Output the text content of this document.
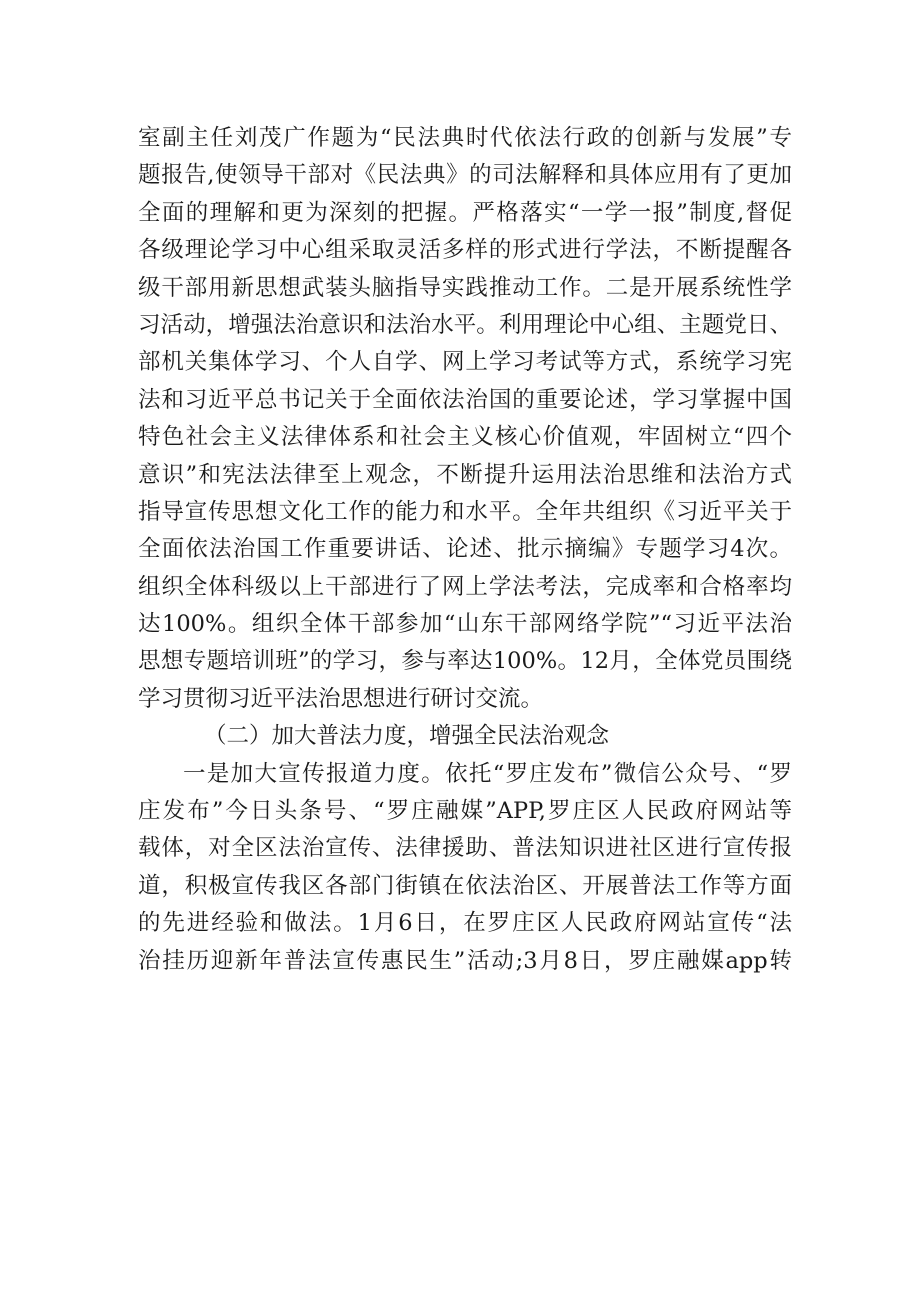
室副主任刘茂广作题为“民法典时代依法行政的创新与发展”专
题报告,使领导干部对《民法典》的司法解释和具体应用有了更加
全面的理解和更为深刻的把握。严格落实“一学一报”制度,督促
各级理论学习中心组采取灵活多样的形式进行学法，不断提醒各
级干部用新思想武装头脑指导实践推动工作。二是开展系统性学
习活动，增强法治意识和法治水平。利用理论中心组、主题党日、
部机关集体学习、个人自学、网上学习考试等方式，系统学习宪
法和习近平总书记关于全面依法治国的重要论述，学习掌握中国
特色社会主义法律体系和社会主义核心价值观，牢固树立“四个
意识”和宪法法律至上观念，不断提升运用法治思维和法治方式
指导宣传思想文化工作的能力和水平。全年共组织《习近平关于
全面依法治国工作重要讲话、论述、批示摘编》专题学习4次。
组织全体科级以上干部进行了网上学法考法，完成率和合格率均
达100%。组织全体干部参加“山东干部网络学院”“习近平法治
思想专题培训班”的学习，参与率达100%。12月，全体党员围绕
学习贯彻习近平法治思想进行研讨交流。
（二）加大普法力度，增强全民法治观念
一是加大宣传报道力度。依托“罗庄发布”微信公众号、“罗
庄发布”今日头条号、“罗庄融媒”APP,罗庄区人民政府网站等
载体，对全区法治宣传、法律援助、普法知识进社区进行宣传报
道，积极宣传我区各部门街镇在依法治区、开展普法工作等方面
的先进经验和做法。1月6日，在罗庄区人民政府网站宣传“法
治挂历迎新年普法宣传惠民生”活动;3月8日，罗庄融媒app转
